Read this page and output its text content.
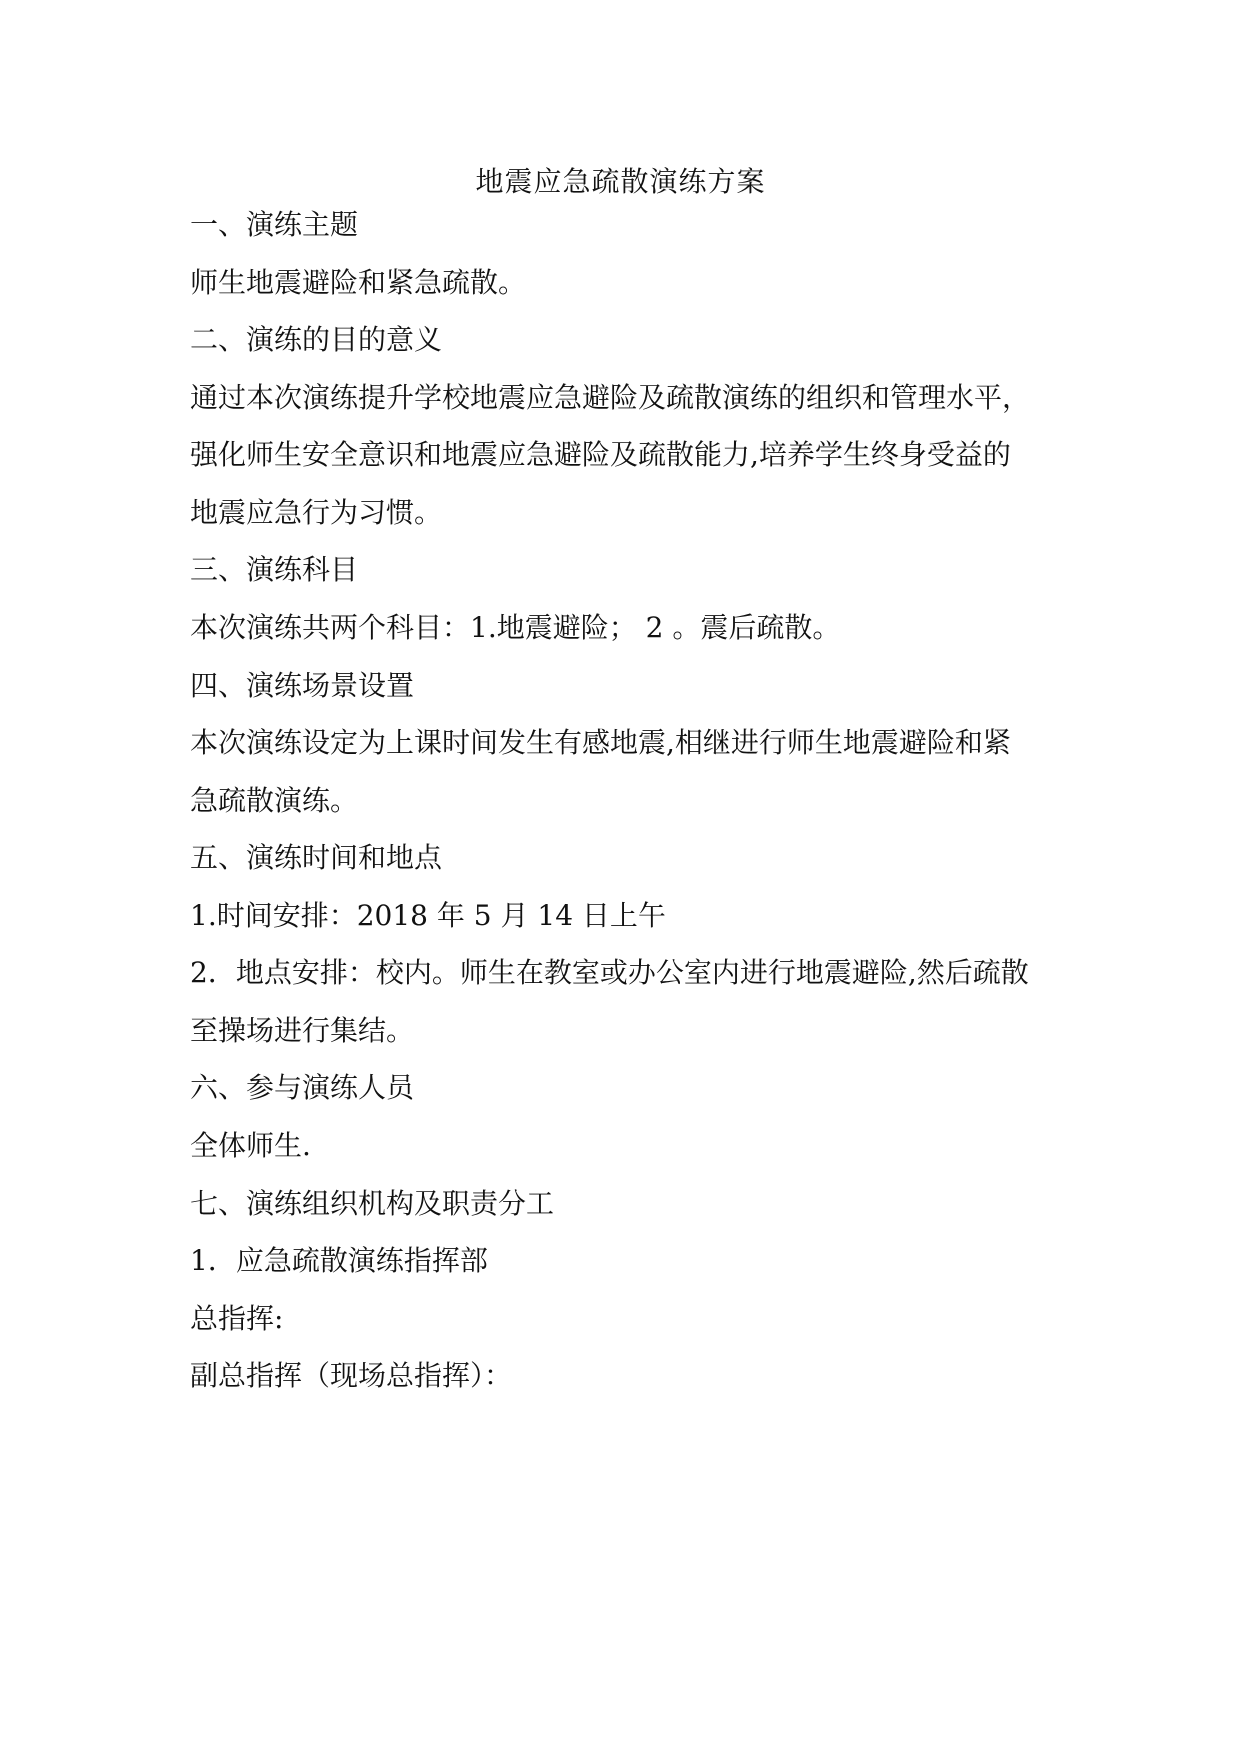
地震应急疏散演练方案
一、演练主题
师生地震避险和紧急疏散。
二、演练的目的意义
通过本次演练提升学校地震应急避险及疏散演练的组织和管理水平，
强化师生安全意识和地震应急避险及疏散能力,培养学生终身受益的
地震应急行为习惯。
三、演练科目
本次演练共两个科目：1.地震避险； 2 。震后疏散。
四、演练场景设置
本次演练设定为上课时间发生有感地震,相继进行师生地震避险和紧
急疏散演练。
五、演练时间和地点
1.时间安排：2018 年 5 月 14 日上午
2．地点安排：校内。师生在教室或办公室内进行地震避险,然后疏散
至操场进行集结。
六、参与演练人员
全体师生.
七、演练组织机构及职责分工
1．应急疏散演练指挥部
总指挥:
副总指挥（现场总指挥）：
